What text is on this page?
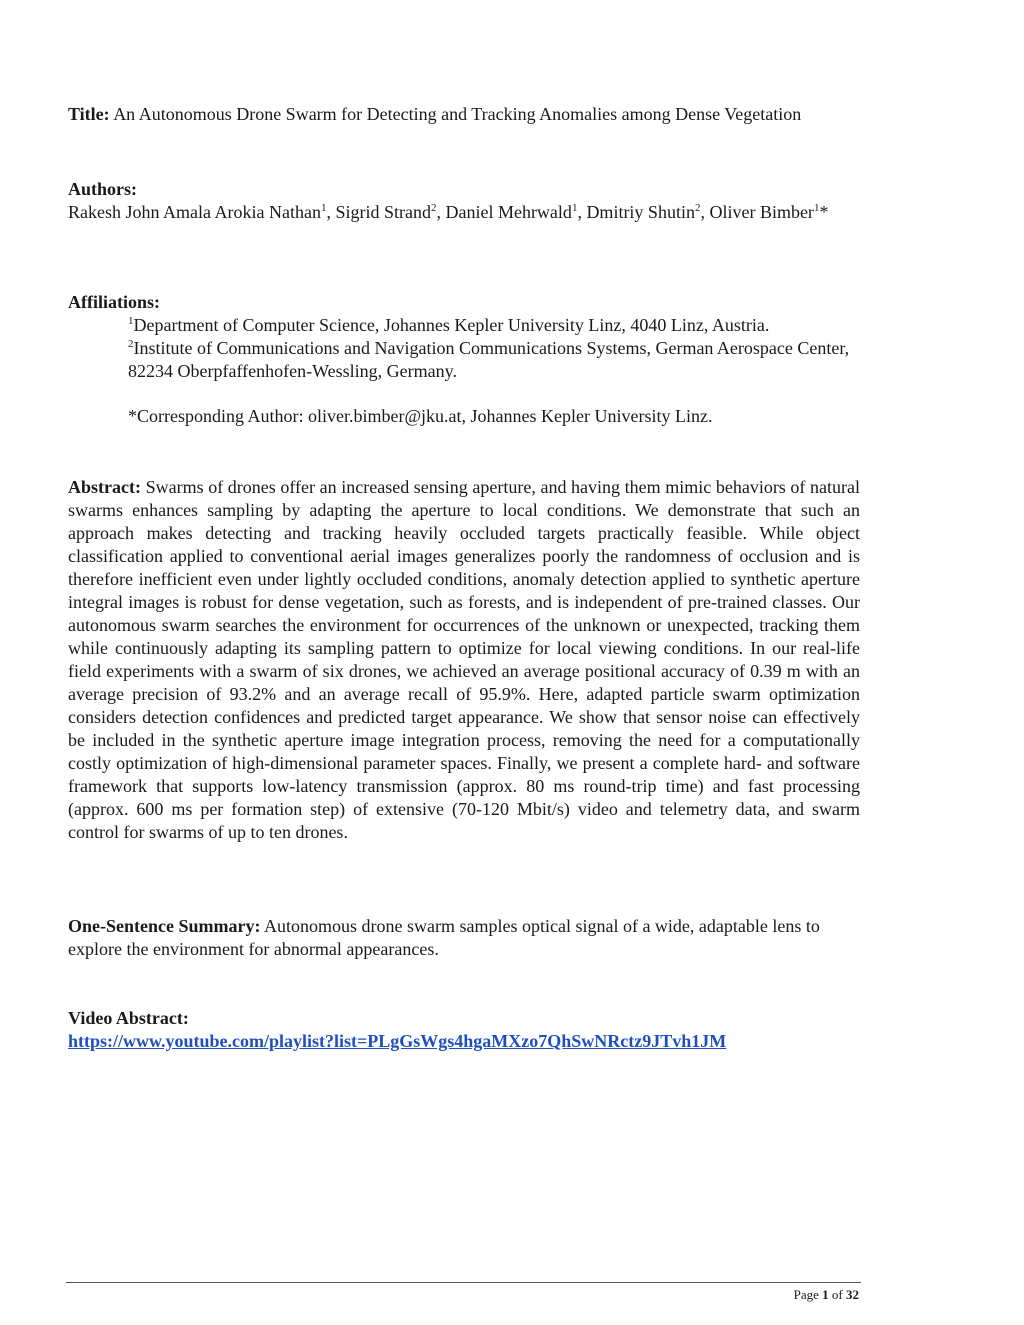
Title: An Autonomous Drone Swarm for Detecting and Tracking Anomalies among Dense Vegetation
Authors:
Rakesh John Amala Arokia Nathan$^1$, Sigrid Strand$^2$, Daniel Mehrwald$^1$, Dmitriy Shutin$^2$, Oliver Bimber$^1$*
Affiliations:
$^1$Department of Computer Science, Johannes Kepler University Linz, 4040 Linz, Austria.
$^2$Institute of Communications and Navigation Communications Systems, German Aerospace Center, 82234 Oberpfaffenhofen-Wessling, Germany.
*Corresponding Author: oliver.bimber@jku.at, Johannes Kepler University Linz.
Abstract: Swarms of drones offer an increased sensing aperture, and having them mimic behaviors of natural swarms enhances sampling by adapting the aperture to local conditions. We demonstrate that such an approach makes detecting and tracking heavily occluded targets practically feasible. While object classification applied to conventional aerial images generalizes poorly the randomness of occlusion and is therefore inefficient even under lightly occluded conditions, anomaly detection applied to synthetic aperture integral images is robust for dense vegetation, such as forests, and is independent of pre-trained classes. Our autonomous swarm searches the environment for occurrences of the unknown or unexpected, tracking them while continuously adapting its sampling pattern to optimize for local viewing conditions. In our real-life field experiments with a swarm of six drones, we achieved an average positional accuracy of 0.39 m with an average precision of 93.2% and an average recall of 95.9%. Here, adapted particle swarm optimization considers detection confidences and predicted target appearance. We show that sensor noise can effectively be included in the synthetic aperture image integration process, removing the need for a computationally costly optimization of high-dimensional parameter spaces. Finally, we present a complete hard- and software framework that supports low-latency transmission (approx. 80 ms round-trip time) and fast processing (approx. 600 ms per formation step) of extensive (70-120 Mbit/s) video and telemetry data, and swarm control for swarms of up to ten drones.
One-Sentence Summary: Autonomous drone swarm samples optical signal of a wide, adaptable lens to explore the environment for abnormal appearances.
Video Abstract:
https://www.youtube.com/playlist?list=PLgGsWgs4hgaMXzo7QhSwNRctz9JTvh1JM
Page 1 of 32
